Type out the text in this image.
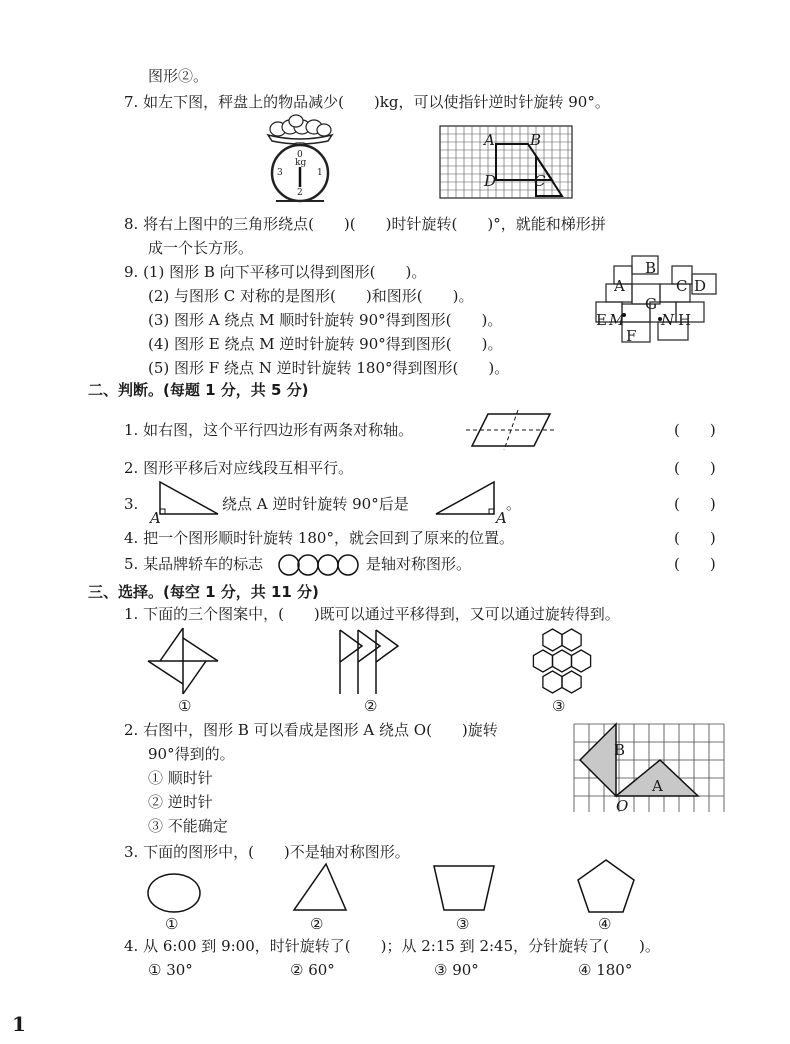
图形②。
7. 如左下图，秤盘上的物品减少(　　)kg，可以使指针逆时针旋转 90°。
0
kg
1
2
3
A B
D	C
8. 将右上图中的三角形绕点(　　)(　　)时针旋转(　　)°，就能和梯形拼
成一个长方形。
9. (1) 图形 B 向下平移可以得到图形(　　)。
(2) 与图形 C 对称的是图形(　　)和图形(　　)。
(3) 图形 A 绕点 M 顺时针旋转 90°得到图形(　　)。
(4) 图形 E 绕点 M 逆时针旋转 90°得到图形(　　)。
(5) 图形 F 绕点 N 逆时针旋转 180°得到图形(　　)。
B
A	C D
G
E M N H
F
二、判断。(每题 1 分，共 5 分)
1. 如右图，这个平行四边形有两条对称轴。	(　　)
2. 图形平移后对应线段互相平行。	(　　)
3.
A
绕点 A 逆时针旋转 90°后是
A
。	(　　)
4. 把一个图形顺时针旋转 180°，就会回到了原来的位置。	(　　)
5. 某品牌轿车的标志	是轴对称图形。	(　　)
三、选择。(每空 1 分，共 11 分)
1. 下面的三个图案中，(　　)既可以通过平移得到，又可以通过旋转得到。
①	②	③
2. 右图中，图形 B 可以看成是图形 A 绕点 O(　　)旋转
90°得到的。
① 顺时针
② 逆时针
③ 不能确定
B
A
O
3. 下面的图形中，(　　)不是轴对称图形。
①	②	③	④
4. 从 6:00 到 9:00，时针旋转了(　　)；从 2:15 到 2:45，分针旋转了(　　)。
① 30°	② 60°	③ 90°	④ 180°
1
